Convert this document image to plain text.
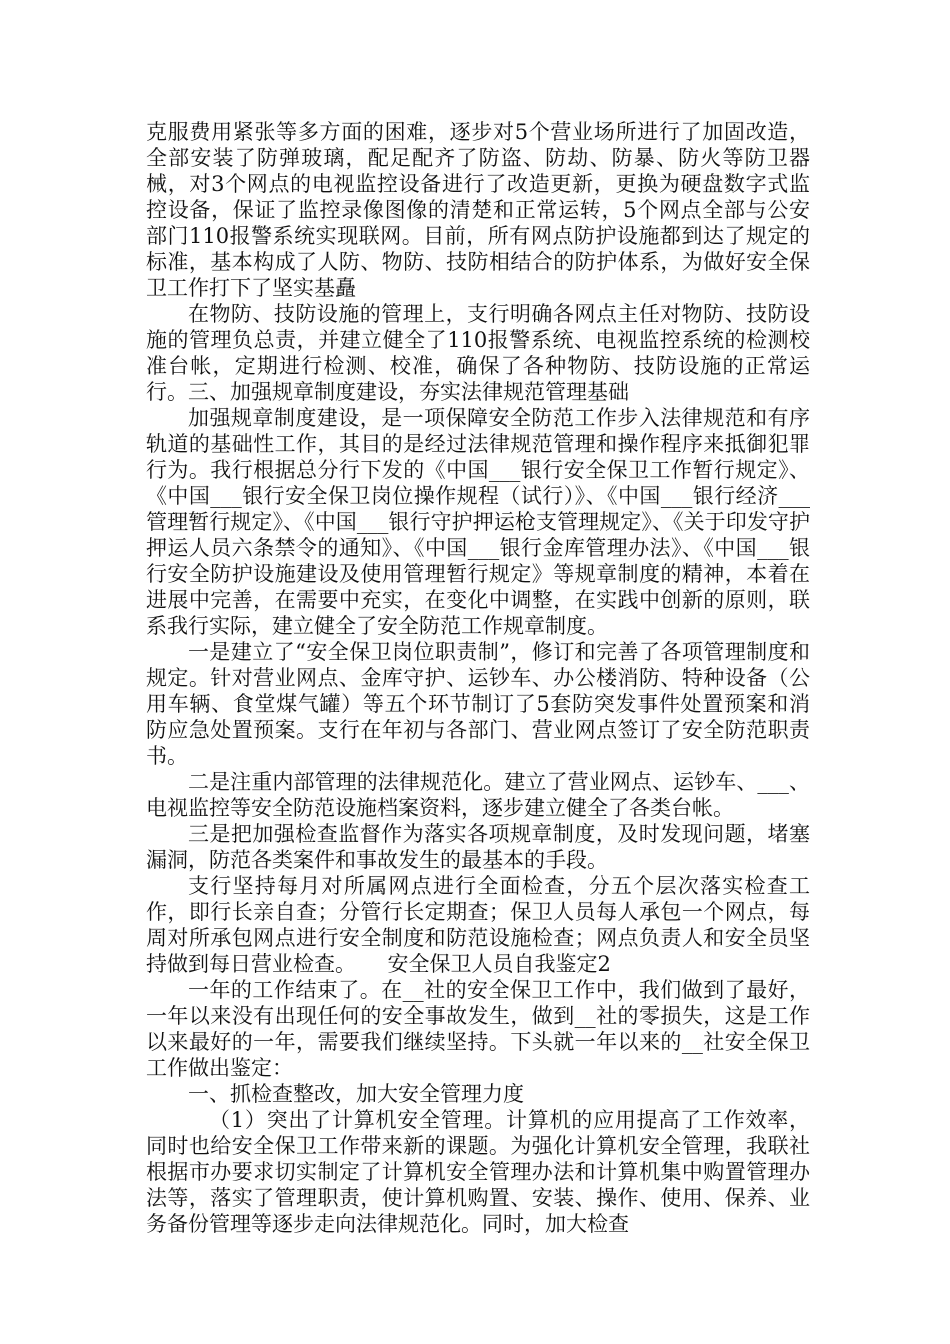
克服费用紧张等多方面的困难，逐步对5个营业场所进行了加固改造，全部安装了防弹玻璃，配足配齐了防盗、防劫、防暴、防火等防卫器械，对3个网点的电视监控设备进行了改造更新，更换为硬盘数字式监控设备，保证了监控录像图像的清楚和正常运转，5个网点全部与公安部门110报警系统实现联网。目前，所有网点防护设施都到达了规定的标准，基本构成了人防、物防、技防相结合的防护体系，为做好安全保卫工作打下了坚实基矗

在物防、技防设施的管理上，支行明确各网点主任对物防、技防设施的管理负总责，并建立健全了110报警系统、电视监控系统的检测校准台帐，定期进行检测、校准，确保了各种物防、技防设施的正常运行。三、加强规章制度建设，夯实法律规范管理基础

加强规章制度建设，是一项保障安全防范工作步入法律规范和有序轨道的基础性工作，其目的是经过法律规范管理和操作程序来抵御犯罪行为。我行根据总分行下发的《中国___银行安全保卫工作暂行规定》、《中国___银行安全保卫岗位操作规程（试行）》、《中国___银行经济___管理暂行规定》、《中国___银行守护押运枪支管理规定》、《关于印发守护押运人员六条禁令的通知》、《中国___银行金库管理办法》、《中国___银行安全防护设施建设及使用管理暂行规定》等规章制度的精神，本着在进展中完善，在需要中充实，在变化中调整，在实践中创新的原则，联系我行实际，建立健全了安全防范工作规章制度。

一是建立了“安全保卫岗位职责制”，修订和完善了各项管理制度和规定。针对营业网点、金库守护、运钞车、办公楼消防、特种设备（公用车辆、食堂煤气罐）等五个环节制订了5套防突发事件处置预案和消防应急处置预案。支行在年初与各部门、营业网点签订了安全防范职责书。

二是注重内部管理的法律规范化。建立了营业网点、运钞车、___、电视监控等安全防范设施档案资料，逐步建立健全了各类台帐。

三是把加强检查监督作为落实各项规章制度，及时发现问题，堵塞漏洞，防范各类案件和事故发生的最基本的手段。

支行坚持每月对所属网点进行全面检查，分五个层次落实检查工作，即行长亲自查；分管行长定期查；保卫人员每人承包一个网点，每周对所承包网点进行安全制度和防范设施检查；网点负责人和安全员坚持做到每日营业检查。　　安全保卫人员自我鉴定2

一年的工作结束了。在__社的安全保卫工作中，我们做到了最好，一年以来没有出现任何的安全事故发生，做到__社的零损失，这是工作以来最好的一年，需要我们继续坚持。下头就一年以来的__社安全保卫工作做出鉴定：

一、抓检查整改，加大安全管理力度

（1）突出了计算机安全管理。计算机的应用提高了工作效率，同时也给安全保卫工作带来新的课题。为强化计算机安全管理，我联社根据市办要求切实制定了计算机安全管理办法和计算机集中购置管理办法等，落实了管理职责，使计算机购置、安装、操作、使用、保养、业务备份管理等逐步走向法律规范化。同时，加大检查
